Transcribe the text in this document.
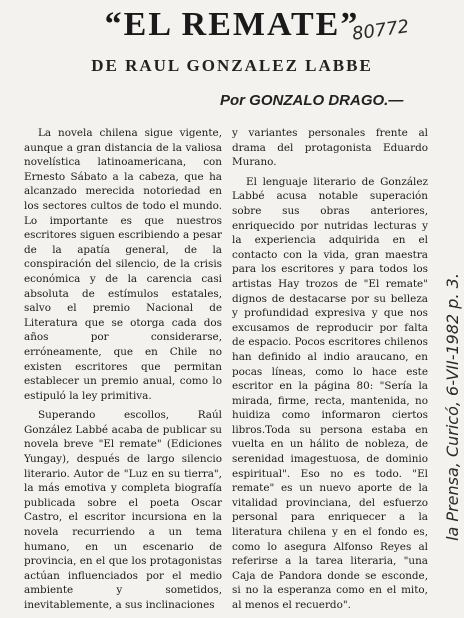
“EL REMATE”
DE RAUL GONZALEZ LABBE
Por GONZALO DRAGO.—

La novela chilena sigue vigente, aunque a gran distancia de la valiosa novelística latinoamericana, con Ernesto Sábato a la cabeza, que ha alcanzado merecida notoriedad en los sectores cultos de todo el mundo. Lo importante es que nuestros escritores siguen escribiendo a pesar de la apatía general, de la conspiración del silencio, de la crisis económica y de la carencia casi absoluta de estímulos estatales, salvo el premio Nacional de Literatura que se otorga cada dos años por considerarse, erróneamente, que en Chile no existen escritores que permitan establecer un premio anual, como lo estipuló la ley primitiva.

Superando escollos, Raúl González Labbé acaba de publicar su novela breve "El remate" (Ediciones Yungay), después de largo silencio literario. Autor de "Luz en su tierra", la más emotiva y completa biografía publicada sobre el poeta Oscar Castro, el escritor incursiona en la novela recurriendo a un tema humano, en un escenario de provincia, en el que los protagonistas actúan influenciados por el medio ambiente y sometidos, inevitablemente, a sus inclinaciones

y variantes personales frente al drama del protagonista Eduardo Murano.

El lenguaje literario de González Labbé acusa notable superación sobre sus obras anteriores, enriquecido por nutridas lecturas y la experiencia adquirida en el contacto con la vida, gran maestra para los escritores y para todos los artistas Hay trozos de "El remate" dignos de destacarse por su belleza y profundidad expresiva y que nos excusamos de reproducir por falta de espacio. Pocos escritores chilenos han definido al indio araucano, en pocas líneas, como lo hace este escritor en la página 80: "Sería la mirada, firme, recta, mantenida, no huidiza como informaron ciertos libros.Toda su persona estaba en vuelta en un hálito de nobleza, de serenidad imagestuosa, de dominio espiritual". Eso no es todo. "El remate" es un nuevo aporte de la vitalidad provinciana, del esfuerzo personal para enriquecer a la literatura chilena y en el fondo es, como lo asegura Alfonso Reyes al referirse a la tarea literaria, "una Caja de Pandora donde se esconde, si no la esperanza como en el mito, al menos el recuerdo".

80772
la Prensa, Curicó, 6-VII-1982 p. 3.
